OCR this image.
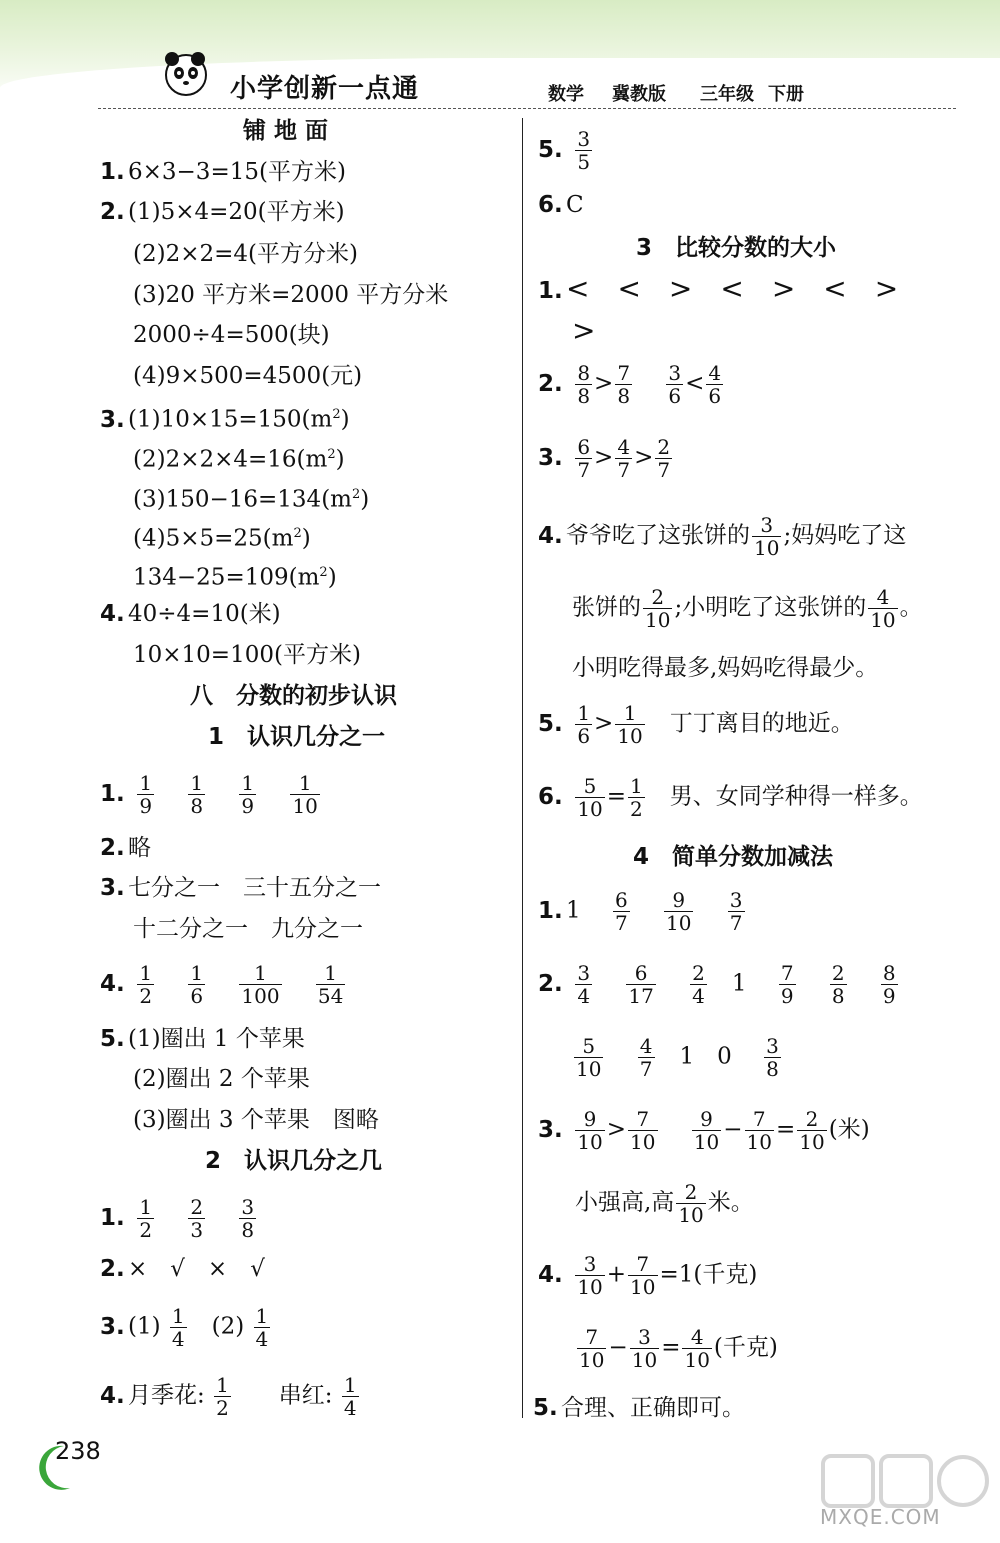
小学创新一点通	数学 冀教版 三年级 下册
铺 地 面
1. 6×3−3=15(平方米)
2. (1)5×4=20(平方米)
(2)2×2=4(平方分米)
(3)20 平方米=2000 平方分米
2000÷4=500(块)
(4)9×500=4500(元)
3. $(1)10\times 15=150(m^2)$
$(2)2\times 2\times 4=16(m^2)$
$(3)150-16=134(m^2)$
$(4)5\times 5=25(m^2)$
$134-25=109(m^2)$
4. 40÷4=10(米)
10×10=100(平方米)
八　分数的初步认识
1　认识几分之一
1. $\frac{1}{9}$
　 $\frac{1}{8}$
　 $\frac{1}{9}$
　 $\frac{1}{10}$
2. 略
3. 七分之一　三十五分之一
十二分之一　九分之一
4. $\frac{1}{2}$
　 $\frac{1}{6}$
　 $\frac{1}{100}$
　 $\frac{1}{54}$
5. (1)圈出 1 个苹果
(2)圈出 2 个苹果
(3)圈出 3 个苹果　图略
2　认识几分之几
1. $\frac{1}{2}$
　 $\frac{2}{3}$
　 $\frac{3}{8}$
2. ×　√　×　√
3. $(1) \frac{1}{4}$
　 $(2) \frac{1}{4}$
4. 月季花: $\frac{1}{2}$
　　 串红: $\frac{1}{4}$
5. $\frac{3}{5}$
6. C
3　比较分数的大小
1. <　<　>　<　>　<　>
>
2. $\frac{8}{8} > \frac{7}{8}$
　 $\frac{3}{6} < \frac{4}{6}$
3. $\frac{6}{7} > \frac{4}{7} > \frac{2}{7}$
4. 爷爷吃了这张饼的 $\frac{3}{10}$ ;妈妈吃了这
张饼的 $\frac{2}{10}$ ;小明吃了这张饼的 $\frac{4}{10}$ 。
小明吃得最多,妈妈吃得最少。
5. $\frac{1}{6} > \frac{1}{10}$
　 丁丁离目的地近。
6. $\frac{5}{10} = \frac{1}{2}$
　 男、女同学种得一样多。
4　简单分数加减法
1. 1　 $\frac{6}{7}$
　 $\frac{9}{10}$
　 $\frac{3}{7}$
2. $\frac{3}{4}$
　 $\frac{6}{17}$
　 $\frac{2}{4}$
　 1　 $\frac{7}{9}$
　 $\frac{2}{8}$
　 $\frac{8}{9}$
$\frac{5}{10}$
　 $\frac{4}{7}$
　 1　 0　 $\frac{3}{8}$
3. $\frac{9}{10} > \frac{7}{10}$
　 $\frac{9}{10} - \frac{7}{10} = \frac{2}{10}$ (米)
小强高,高 $\frac{2}{10}$ 米。
4. $\frac{3}{10} + \frac{7}{10} =1$(千克)
$\frac{7}{10} - \frac{3}{10} = \frac{4}{10}$ (千克)
5. 合理、正确即可。
238
MXQE.COM
